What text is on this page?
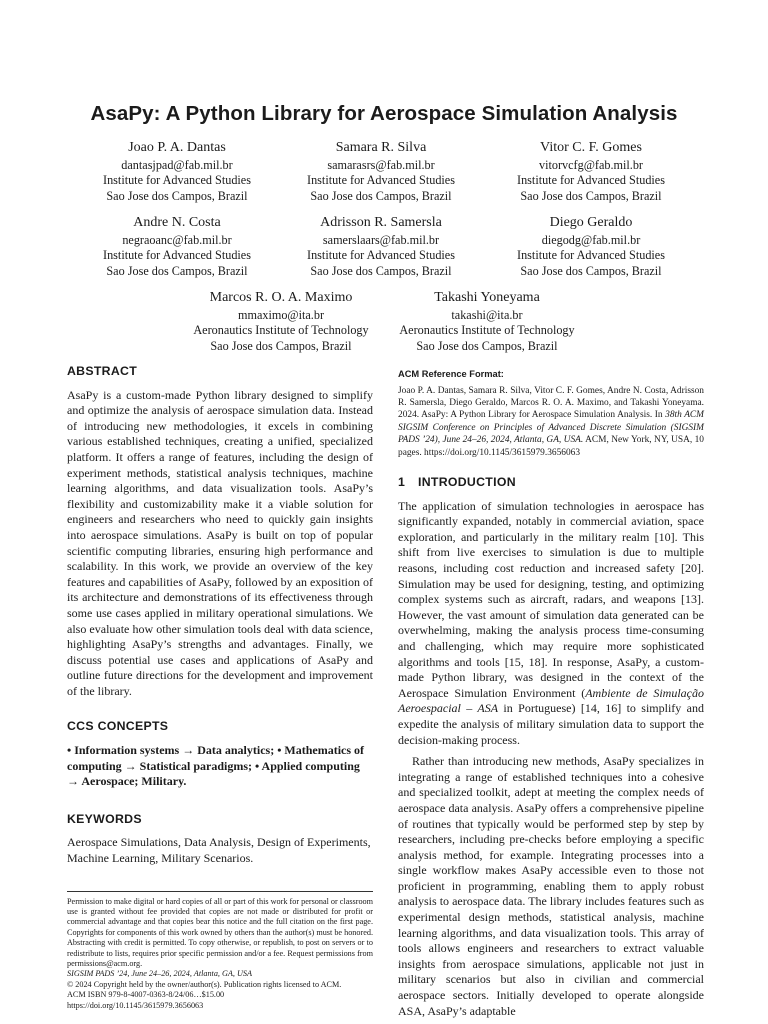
AsaPy: A Python Library for Aerospace Simulation Analysis
Joao P. A. Dantas
dantasjpad@fab.mil.br
Institute for Advanced Studies
Sao Jose dos Campos, Brazil
Samara R. Silva
samarasrs@fab.mil.br
Institute for Advanced Studies
Sao Jose dos Campos, Brazil
Vitor C. F. Gomes
vitorvcfg@fab.mil.br
Institute for Advanced Studies
Sao Jose dos Campos, Brazil
Andre N. Costa
negraoanc@fab.mil.br
Institute for Advanced Studies
Sao Jose dos Campos, Brazil
Adrisson R. Samersla
samerslaars@fab.mil.br
Institute for Advanced Studies
Sao Jose dos Campos, Brazil
Diego Geraldo
diegodg@fab.mil.br
Institute for Advanced Studies
Sao Jose dos Campos, Brazil
Marcos R. O. A. Maximo
mmaximo@ita.br
Aeronautics Institute of Technology
Sao Jose dos Campos, Brazil
Takashi Yoneyama
takashi@ita.br
Aeronautics Institute of Technology
Sao Jose dos Campos, Brazil
ABSTRACT

AsaPy is a custom-made Python library designed to simplify and optimize the analysis of aerospace simulation data. Instead of introducing new methodologies, it excels in combining various established techniques, creating a unified, specialized platform. It offers a range of features, including the design of experiment methods, statistical analysis techniques, machine learning algorithms, and data visualization tools. AsaPy’s flexibility and customizability make it a viable solution for engineers and researchers who need to quickly gain insights into aerospace simulations. AsaPy is built on top of popular scientific computing libraries, ensuring high performance and scalability. In this work, we provide an overview of the key features and capabilities of AsaPy, followed by an exposition of its architecture and demonstrations of its effectiveness through some use cases applied in military operational simulations. We also evaluate how other simulation tools deal with data science, highlighting AsaPy’s strengths and advantages. Finally, we discuss potential use cases and applications of AsaPy and outline future directions for the development and improvement of the library.

CCS CONCEPTS

• Information systems → Data analytics; • Mathematics of computing → Statistical paradigms; • Applied computing → Aerospace; Military.

KEYWORDS

Aerospace Simulations, Data Analysis, Design of Experiments, Machine Learning, Military Scenarios.

Permission to make digital or hard copies of all or part of this work for personal or classroom use is granted without fee provided that copies are not made or distributed for profit or commercial advantage and that copies bear this notice and the full citation on the first page. Copyrights for components of this work owned by others than the author(s) must be honored. Abstracting with credit is permitted. To copy otherwise, or republish, to post on servers or to redistribute to lists, requires prior specific permission and/or a fee. Request permissions from permissions@acm.org.
SIGSIM PADS ’24, June 24–26, 2024, Atlanta, GA, USA
© 2024 Copyright held by the owner/author(s). Publication rights licensed to ACM.
ACM ISBN 979-8-4007-0363-8/24/06…$15.00
https://doi.org/10.1145/3615979.3656063
ACM Reference Format:

Joao P. A. Dantas, Samara R. Silva, Vitor C. F. Gomes, Andre N. Costa, Adrisson R. Samersla, Diego Geraldo, Marcos R. O. A. Maximo, and Takashi Yoneyama. 2024. AsaPy: A Python Library for Aerospace Simulation Analysis. In 38th ACM SIGSIM Conference on Principles of Advanced Discrete Simulation (SIGSIM PADS ’24), June 24–26, 2024, Atlanta, GA, USA. ACM, New York, NY, USA, 10 pages. https://doi.org/10.1145/3615979.3656063

1 INTRODUCTION

The application of simulation technologies in aerospace has significantly expanded, notably in commercial aviation, space exploration, and particularly in the military realm [10]. This shift from live exercises to simulation is due to multiple reasons, including cost reduction and increased safety [20]. Simulation may be used for designing, testing, and optimizing complex systems such as aircraft, radars, and weapons [13]. However, the vast amount of simulation data generated can be overwhelming, making the analysis process time-consuming and challenging, which may require more sophisticated algorithms and tools [15, 18]. In response, AsaPy, a custom-made Python library, was designed in the context of the Aerospace Simulation Environment (Ambiente de Simulação Aeroespacial – ASA in Portuguese) [14, 16] to simplify and expedite the analysis of military simulation data to support the decision-making process.

Rather than introducing new methods, AsaPy specializes in integrating a range of established techniques into a cohesive and specialized toolkit, adept at meeting the complex needs of aerospace data analysis. AsaPy offers a comprehensive pipeline of routines that typically would be performed step by step by researchers, including pre-checks before employing a specific analysis method, for example. Integrating processes into a single workflow makes AsaPy accessible even to those not proficient in programming, enabling them to apply robust analysis to aerospace data. The library includes features such as experimental design methods, statistical analysis, machine learning algorithms, and data visualization tools. This array of tools allows engineers and researchers to extract valuable insights from aerospace simulations, applicable not just in military scenarios but also in civilian and commercial aerospace sectors. Initially developed to operate alongside ASA, AsaPy’s adaptable
